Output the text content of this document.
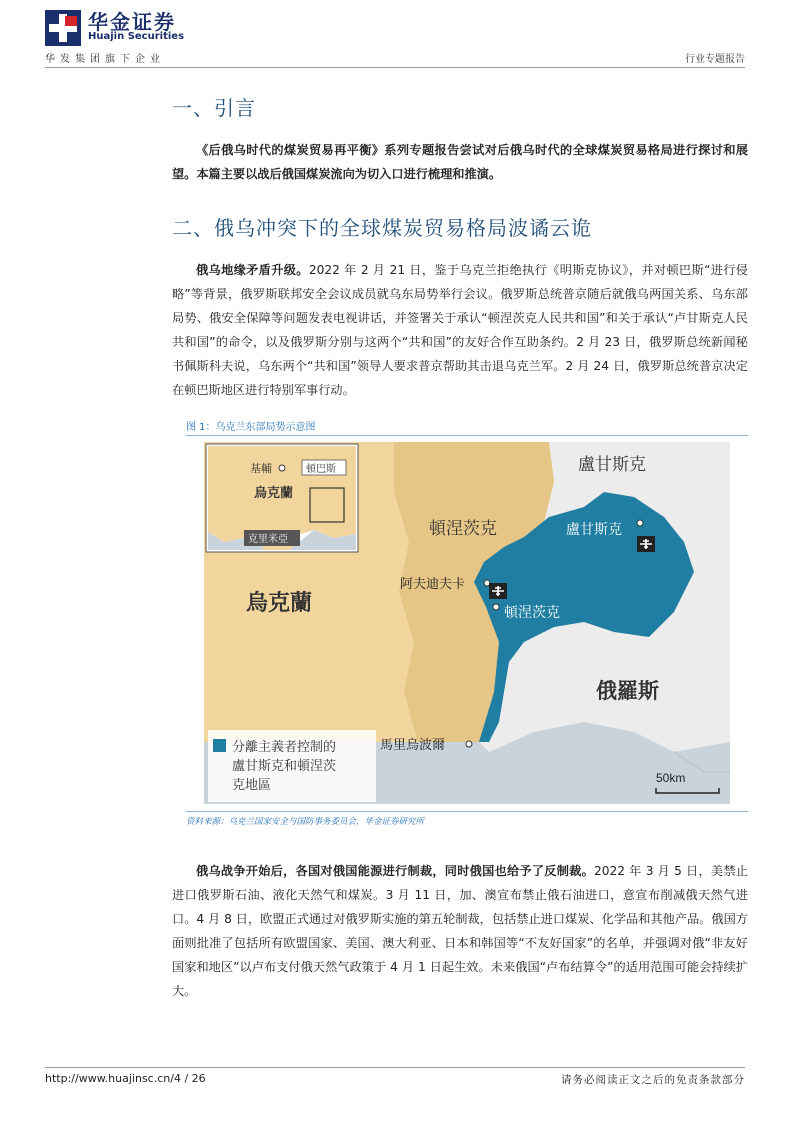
华金证券
Huajin Securities
华发集团旗下企业	行业专题报告
一、引言
《后俄乌时代的煤炭贸易再平衡》系列专题报告尝试对后俄乌时代的全球煤炭贸易格局进行探讨和展望。本篇主要以战后俄国煤炭流向为切入口进行梳理和推演。
二、俄乌冲突下的全球煤炭贸易格局波谲云诡
俄乌地缘矛盾升级。2022 年 2 月 21 日，鉴于乌克兰拒绝执行《明斯克协议》，并对顿巴斯“进行侵略”等背景，俄罗斯联邦安全会议成员就乌东局势举行会议。俄罗斯总统普京随后就俄乌两国关系、乌东部局势、俄安全保障等问题发表电视讲话，并签署关于承认“顿涅茨克人民共和国”和关于承认“卢甘斯克人民共和国”的命令，以及俄罗斯分别与这两个“共和国”的友好合作互助条约。2 月 23 日，俄罗斯总统新闻秘书佩斯科夫说，乌东两个“共和国”领导人要求普京帮助其击退乌克兰军。2 月 24 日，俄罗斯总统普京决定在顿巴斯地区进行特别军事行动。
图 1：乌克兰东部局势示意图
基輔	頓巴斯
烏克蘭
克里米亞
盧甘斯克
頓涅茨克
烏克蘭
俄羅斯
盧甘斯克
阿夫迪夫卡
頓涅茨克
馬里烏波爾
分離主義者控制的
盧甘斯克和頓涅茨
克地區	50km
资料来源：乌克兰国家安全与国防事务委员会，华金证券研究所
俄乌战争开始后，各国对俄国能源进行制裁，同时俄国也给予了反制裁。2022 年 3 月 5 日，美禁止进口俄罗斯石油、液化天然气和煤炭。3 月 11 日，加、澳宣布禁止俄石油进口，意宣布削减俄天然气进口。4 月 8 日，欧盟正式通过对俄罗斯实施的第五轮制裁，包括禁止进口煤炭、化学品和其他产品。俄国方面则批准了包括所有欧盟国家、美国、澳大利亚、日本和韩国等“不友好国家”的名单，并强调对俄“非友好国家和地区”以卢布支付俄天然气政策于 4 月 1 日起生效。未来俄国“卢布结算令”的适用范围可能会持续扩大。
http://www.huajinsc.cn/4 / 26	请务必阅读正文之后的免责条款部分
